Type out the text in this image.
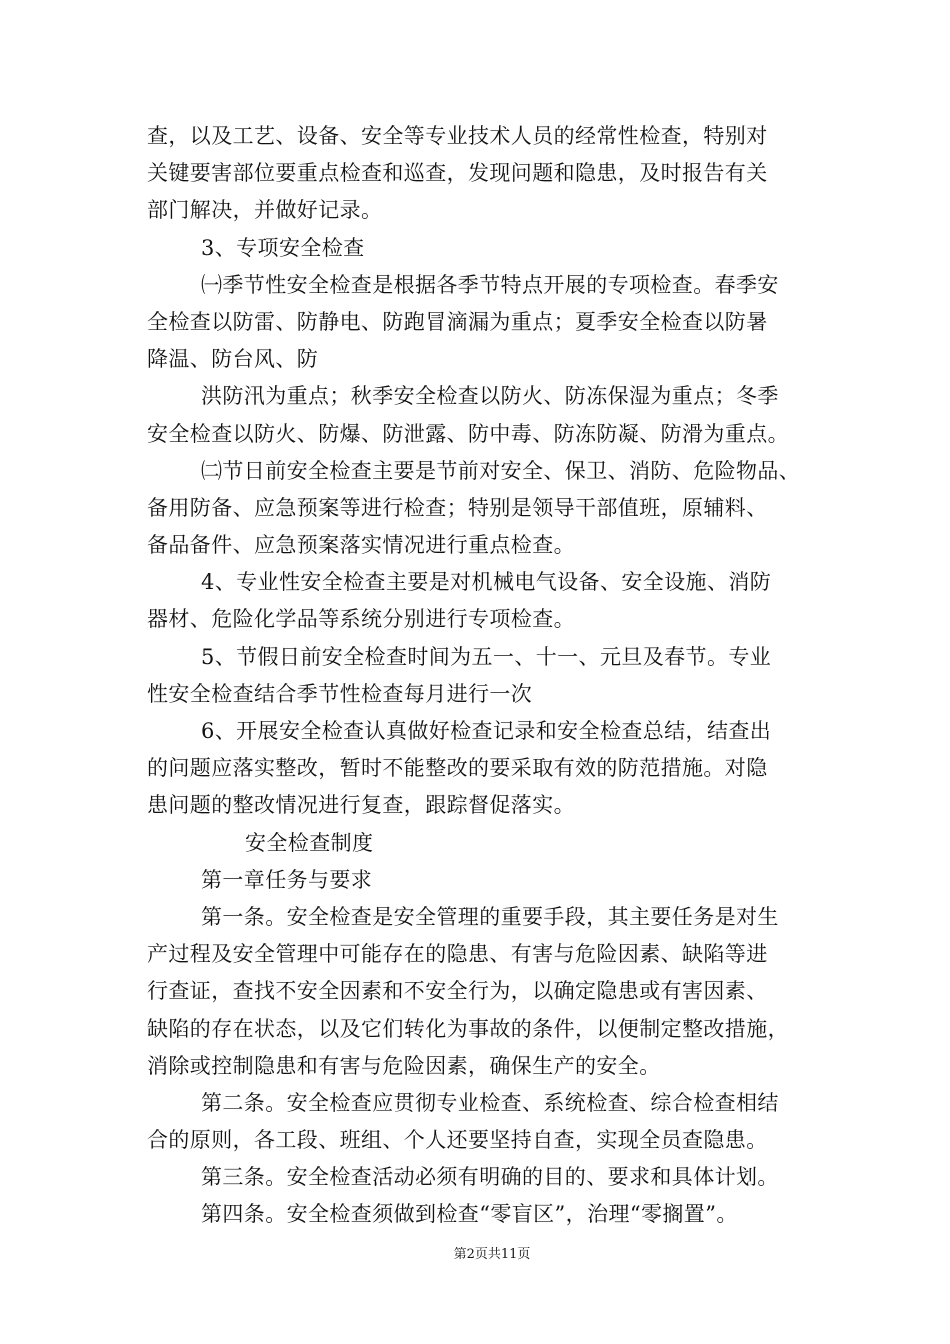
查，以及工艺、设备、安全等专业技术人员的经常性检查，特别对
关键要害部位要重点检查和巡查，发现问题和隐患，及时报告有关
部门解决，并做好记录。
3、专项安全检查
㈠季节性安全检查是根据各季节特点开展的专项检查。春季安
全检查以防雷、防静电、防跑冒滴漏为重点；夏季安全检查以防暑
降温、防台风、防
洪防汛为重点；秋季安全检查以防火、防冻保湿为重点；冬季
安全检查以防火、防爆、防泄露、防中毒、防冻防凝、防滑为重点。
㈡节日前安全检查主要是节前对安全、保卫、消防、危险物品、
备用防备、应急预案等进行检查；特别是领导干部值班，原辅料、
备品备件、应急预案落实情况进行重点检查。
4、专业性安全检查主要是对机械电气设备、安全设施、消防
器材、危险化学品等系统分别进行专项检查。
5、节假日前安全检查时间为五一、十一、元旦及春节。专业
性安全检查结合季节性检查每月进行一次
6、开展安全检查认真做好检查记录和安全检查总结，结查出
的问题应落实整改，暂时不能整改的要采取有效的防范措施。对隐
患问题的整改情况进行复查，跟踪督促落实。
安全检查制度
第一章任务与要求
第一条。安全检查是安全管理的重要手段，其主要任务是对生
产过程及安全管理中可能存在的隐患、有害与危险因素、缺陷等进
行查证，查找不安全因素和不安全行为，以确定隐患或有害因素、
缺陷的存在状态，以及它们转化为事故的条件，以便制定整改措施，
消除或控制隐患和有害与危险因素，确保生产的安全。
第二条。安全检查应贯彻专业检查、系统检查、综合检查相结
合的原则，各工段、班组、个人还要坚持自查，实现全员查隐患。
第三条。安全检查活动必须有明确的目的、要求和具体计划。
第四条。安全检查须做到检查“零盲区”，治理“零搁置”。
第2页共11页
